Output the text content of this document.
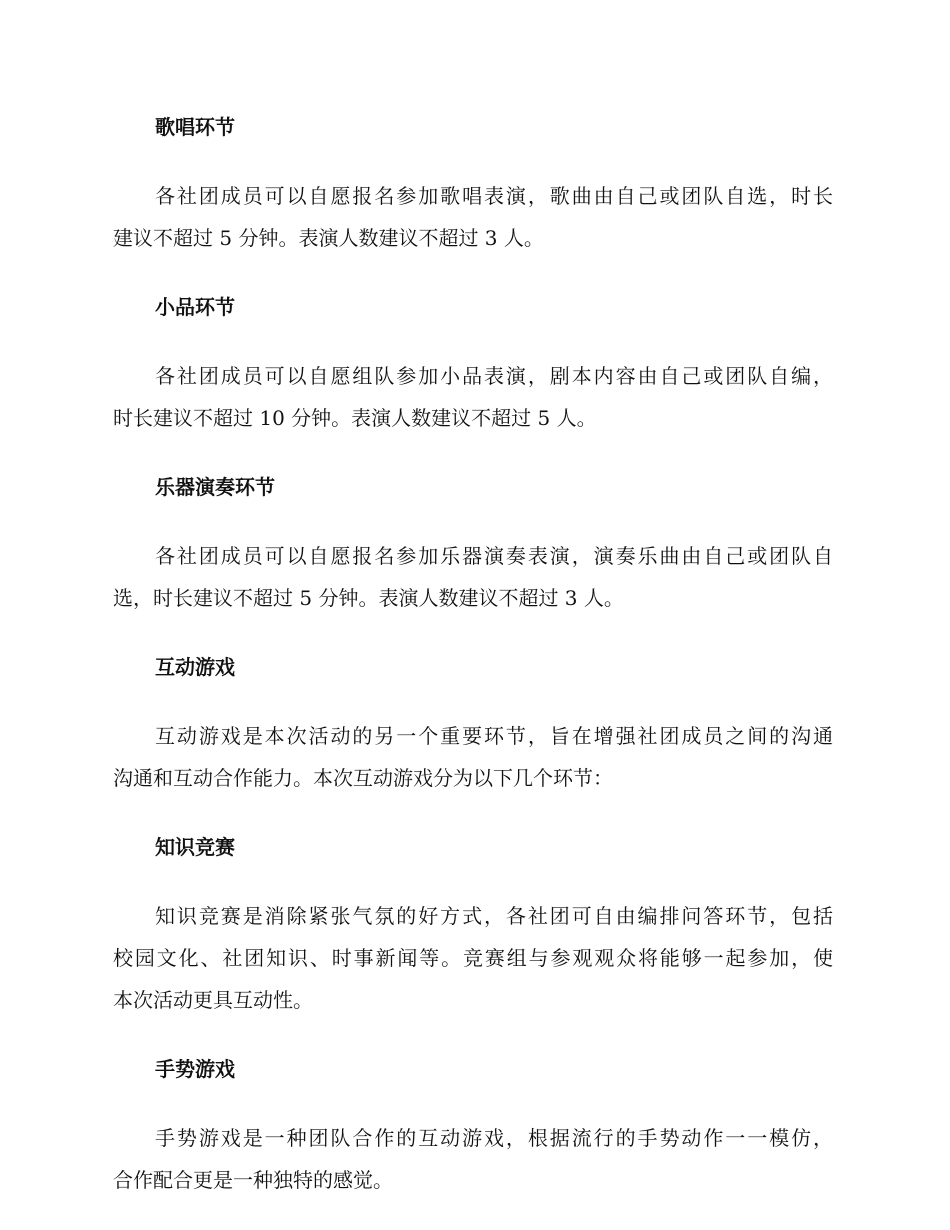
歌唱环节

各社团成员可以自愿报名参加歌唱表演，歌曲由自己或团队自选，时长
建议不超过 5 分钟。表演人数建议不超过 3 人。

小品环节

各社团成员可以自愿组队参加小品表演，剧本内容由自己或团队自编，
时长建议不超过 10 分钟。表演人数建议不超过 5 人。

乐器演奏环节

各社团成员可以自愿报名参加乐器演奏表演，演奏乐曲由自己或团队自
选，时长建议不超过 5 分钟。表演人数建议不超过 3 人。

互动游戏

互动游戏是本次活动的另一个重要环节，旨在增强社团成员之间的沟通
沟通和互动合作能力。本次互动游戏分为以下几个环节：

知识竞赛

知识竞赛是消除紧张气氛的好方式，各社团可自由编排问答环节，包括
校园文化、社团知识、时事新闻等。竞赛组与参观观众将能够一起参加，使
本次活动更具互动性。

手势游戏

手势游戏是一种团队合作的互动游戏，根据流行的手势动作一一模仿，
合作配合更是一种独特的感觉。
